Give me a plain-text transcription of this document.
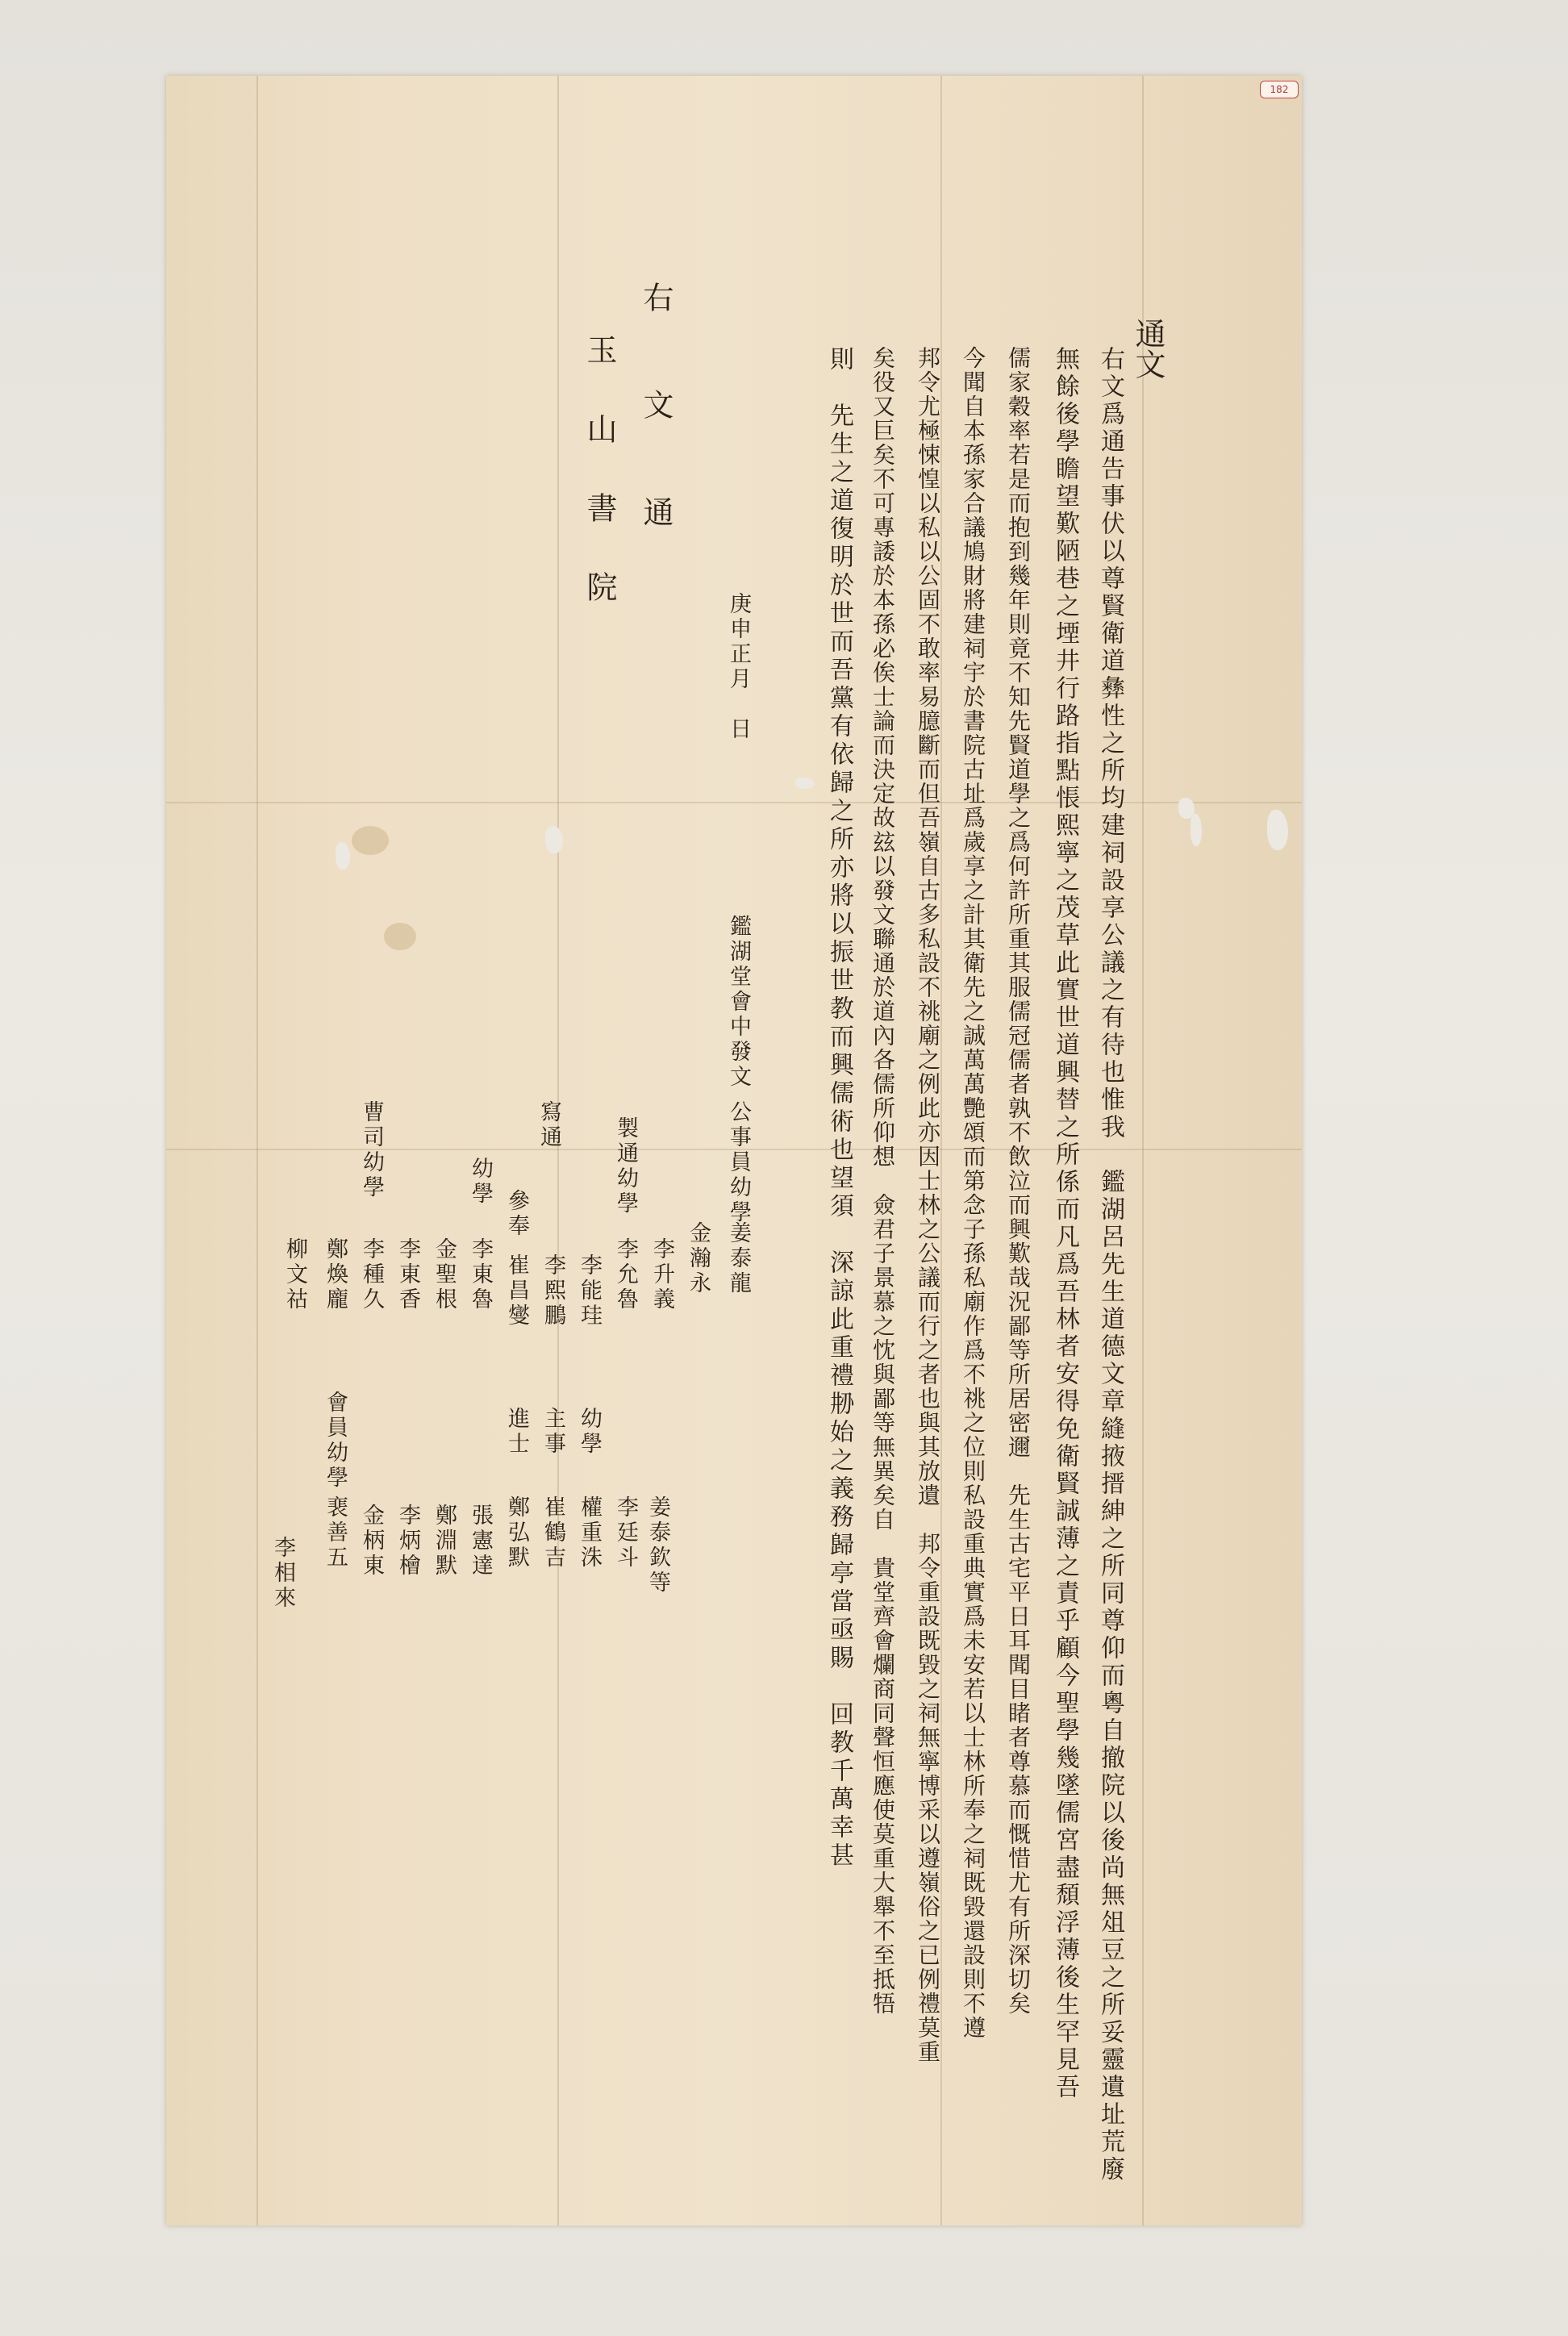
182
通文
右文爲通告事伏以尊賢衛道彝性之所均建祠設享公議之有待也惟我　鑑湖呂先生道德文章縫掖搢紳之所同尊仰而粵自撤院以後尚無俎豆之所妥靈遺址荒廢
無餘後學瞻望歎陋巷之堙井行路指點悵熙寧之茂草此實世道興替之所係而凡爲吾林者安得免衛賢誠薄之責乎顧今聖學幾墜儒宮盡頹浮薄後生罕見吾
儒家穀率若是而抱到幾年則竟不知先賢道學之爲何許所重其服儒冠儒者孰不飲泣而興歎哉況鄙等所居密邇　先生古宅平日耳聞目睹者尊慕而慨惜尤有所深切矣
今聞自本孫家合議鳩財將建祠宇於書院古址爲歲享之計其衛先之誠萬萬艷頌而第念子孫私廟作爲不祧之位則私設重典實爲未安若以士林所奉之祠既毀還設則不遵
邦令尤極悚惶以私以公固不敢率易臆斷而但吾嶺自古多私設不祧廟之例此亦因士林之公議而行之者也與其放遺　邦令重設既毀之祠無寧博采以遵嶺俗之已例禮莫重
矣役又巨矣不可專諉於本孫必俟士論而決定故玆以發文聯通於道內各儒所仰想　僉君子景慕之忱與鄙等無異矣自　貴堂齊會爛商同聲恒應使莫重大舉不至抵牾
則　先生之道復明於世而吾黨有依歸之所亦將以振世教而興儒術也望須　深諒此重禮刱始之義務歸亭當亟賜　回教千萬幸甚
庚申正月　日
鑑湖堂會中發文
公事員幼學
姜泰龍
金瀚永
李升義
姜泰欽等
製通幼學
李允魯
李廷斗
李能珪
幼學
權重洙
寫通
李熙鵬
主事
崔鶴吉
參奉
崔昌燮
進士
鄭弘默
幼學
李東魯
張憲達
金聖根
鄭淵默
李東香
李炳檜
曹司幼學
李種久
金柄東
鄭煥龐
會員幼學
裵善五
柳文祜
李相來
右文通
玉山書院
